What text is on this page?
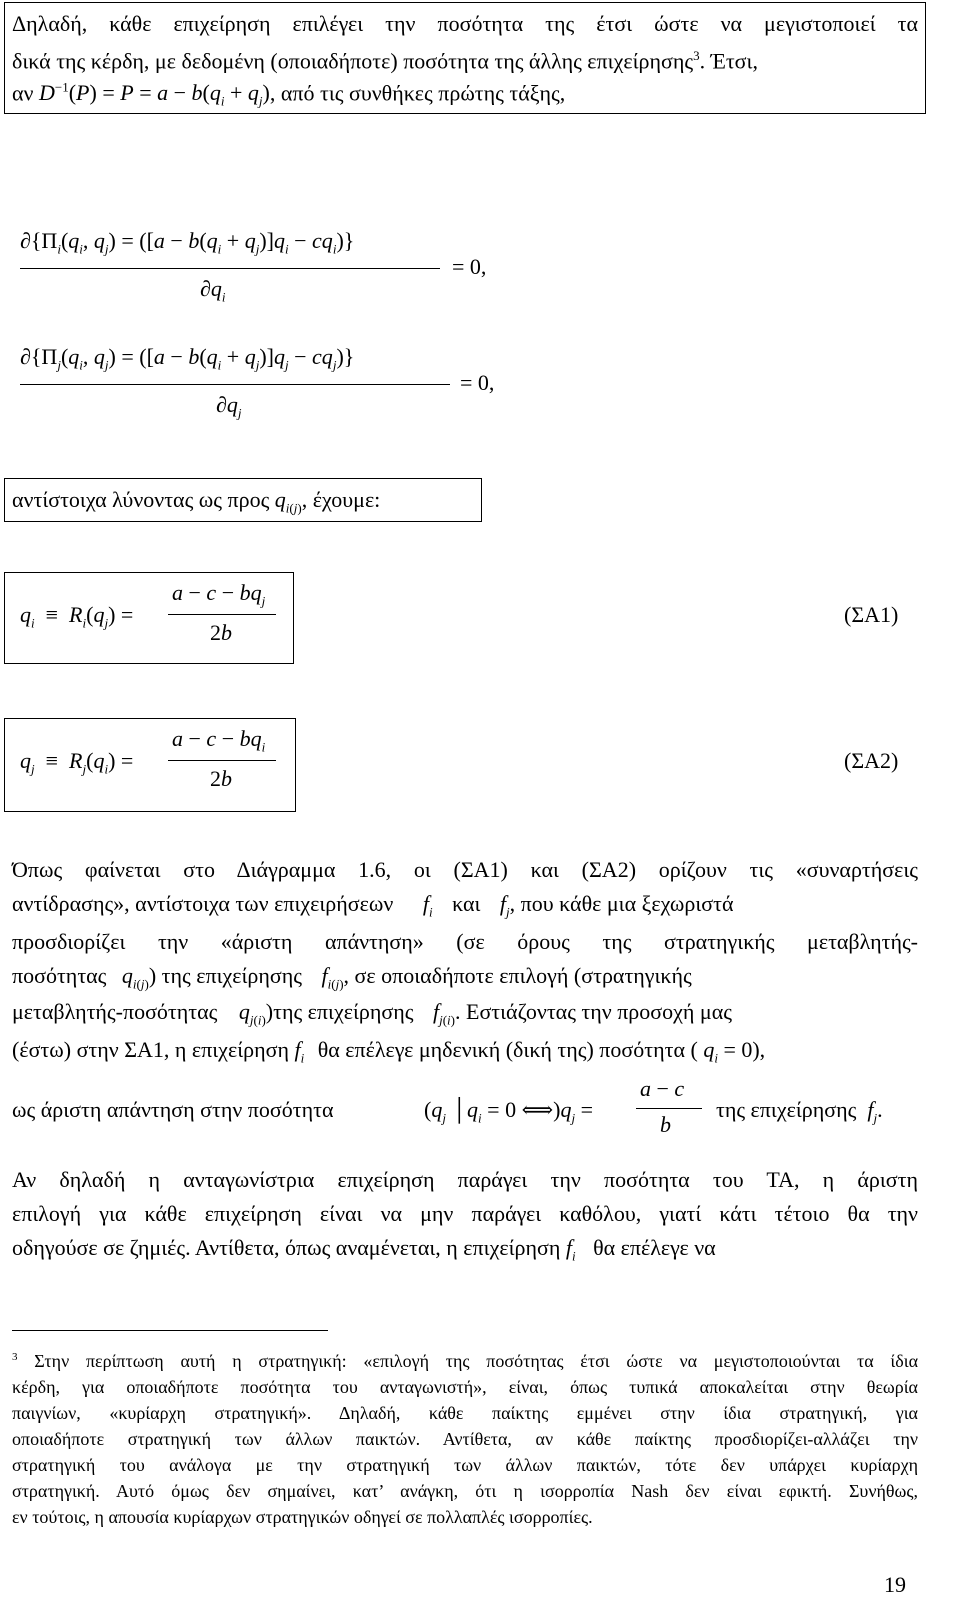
Δηλαδή, κάθε επιχείρηση επιλέγει την ποσότητα της έτσι ώστε να μεγιστοποιεί τα
δικά της κέρδη, με δεδομένη (οποιαδήποτε) ποσότητα της άλλης επιχείρησης$^3$. Έτσι,
αν $D^{-1}(P) = P = a - b(q_i + q_j)$, από τις συνθήκες πρώτης τάξης,
$\partial\{\Pi_i(q_i$, $q_j) = ([a - b(q_i + q_j)]q_i - cq_i)$}
$\partial q_i$
= 0,
$\partial\{\Pi_j(q_i$, $q_j) = ([a - b(q_i + q_j)]q_j - cq_j)$}
$\partial q_j$
= 0,
αντίστοιχα λύνοντας ως προς $q_{i(j)}$, έχουμε:
$q_i \equiv R_i(q_j)$ =
$a - c - bq_j$
2b
(ΣΑ1)
$q_j \equiv R_j(q_i)$ =
$a - c - bq_i$
2b
(ΣΑ2)
Όπως φαίνεται στο Διάγραμμα 1.6, οι (ΣΑ1) και (ΣΑ2) ορίζουν τις «συναρτήσεις
αντίδρασης», αντίστοιχα των επιχειρήσεων $f_i$ και $f_j$, που κάθε μια ξεχωριστά
προσδιορίζει την «άριστη απάντηση» (σε όρους της στρατηγικής μεταβλητής-
ποσότητας $q_{i(j)}$) της επιχείρησης $f_{i(j)}$, σε οποιαδήποτε επιλογή (στρατηγικής
μεταβλητής-ποσότητας $q_{j(i)})\tau\eta\varsigma$ επιχείρησης $f_{j(i)}$. Εστιάζοντας την προσοχή μας
(έστω) στην ΣΑ1, η επιχείρηση $f_i$ θα επέλεγε μηδενική (δική της) ποσότητα ( $q_i = 0$),
ως άριστη απάντηση στην ποσότητα	($q_j$ $│q_i = 0$ $⟺)q_j$ =
a − c
b
της επιχείρησης $f_j$.
Αν δηλαδή η ανταγωνίστρια επιχείρηση παράγει την ποσότητα του ΤΑ, η άριστη
επιλογή για κάθε επιχείρηση είναι να μην παράγει καθόλου, γιατί κάτι τέτοιο θα την
οδηγούσε σε ζημιές. Αντίθετα, όπως αναμένεται, η επιχείρηση $f_i$ θα επέλεγε να
$^3$ Στην περίπτωση αυτή η στρατηγική: «επιλογή της ποσότητας έτσι ώστε να μεγιστοποιούνται τα ίδια
κέρδη, για οποιαδήποτε ποσότητα του ανταγωνιστή», είναι, όπως τυπικά αποκαλείται στην θεωρία
παιγνίων, «κυρίαρχη στρατηγική». Δηλαδή, κάθε παίκτης εμμένει στην ίδια στρατηγική, για
οποιαδήποτε στρατηγική των άλλων παικτών. Αντίθετα, αν κάθε παίκτης προσδιορίζει-αλλάζει την
στρατηγική του ανάλογα με την στρατηγική των άλλων παικτών, τότε δεν υπάρχει κυρίαρχη
στρατηγική. Αυτό όμως δεν σημαίνει, κατ’ ανάγκη, ότι η ισορροπία Nash δεν είναι εφικτή. Συνήθως,
εν τούτοις, η απουσία κυρίαρχων στρατηγικών οδηγεί σε πολλαπλές ισορροπίες.
19
